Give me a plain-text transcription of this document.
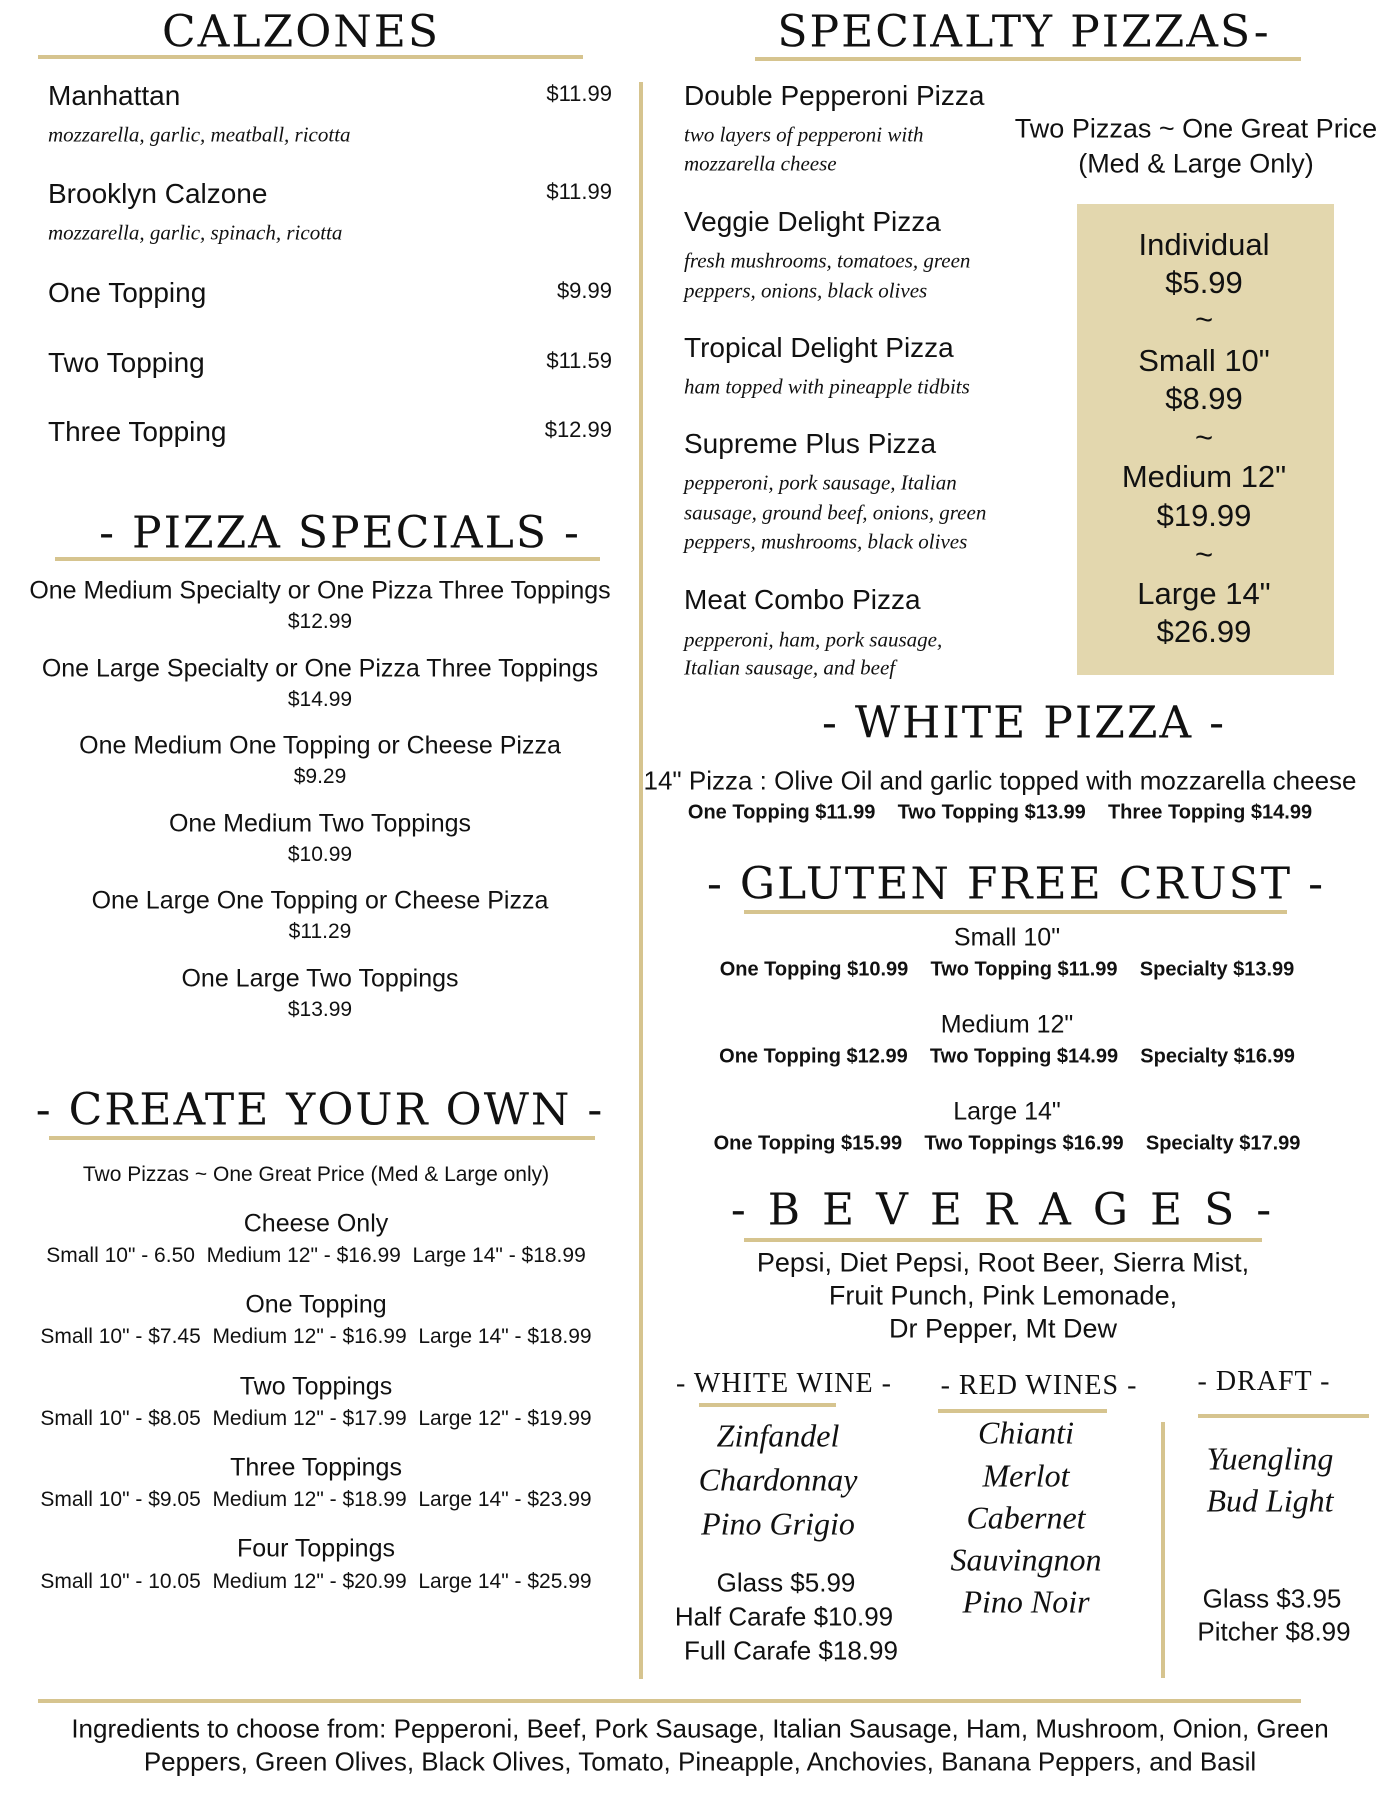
CALZONES
Manhattan	$11.99
mozzarella, garlic, meatball, ricotta
Brooklyn Calzone	$11.99
mozzarella, garlic, spinach, ricotta
One Topping	$9.99
Two Topping	$11.59
Three Topping	$12.99
- PIZZA SPECIALS -
One Medium Specialty or One Pizza Three Toppings
$12.99
One Large Specialty or One Pizza Three Toppings
$14.99
One Medium One Topping or Cheese Pizza
$9.29
One Medium Two Toppings
$10.99
One Large One Topping or Cheese Pizza
$11.29
One Large Two Toppings
$13.99
- CREATE YOUR OWN -
Two Pizzas ~ One Great Price (Med & Large only)
Cheese Only
Small 10" - 6.50  Medium 12" - $16.99  Large 14" - $18.99
One Topping
Small 10" - $7.45  Medium 12" - $16.99  Large 14" - $18.99
Two Toppings
Small 10" - $8.05  Medium 12" - $17.99  Large 12" - $19.99
Three Toppings
Small 10" - $9.05  Medium 12" - $18.99  Large 14" - $23.99
Four Toppings
Small 10" - 10.05  Medium 12" - $20.99  Large 14" - $25.99
SPECIALTY PIZZAS-
Double Pepperoni Pizza
two layers of pepperoni with
mozzarella cheese
Veggie Delight Pizza
fresh mushrooms, tomatoes, green
peppers, onions, black olives
Tropical Delight Pizza
ham topped with pineapple tidbits
Supreme Plus Pizza
pepperoni, pork sausage, Italian
sausage, ground beef, onions, green
peppers, mushrooms, black olives
Meat Combo Pizza
pepperoni, ham, pork sausage,
Italian sausage, and beef
Two Pizzas ~ One Great Price
(Med & Large Only)
Individual
$5.99
~
Small 10"
$8.99
~
Medium 12"
$19.99
~
Large 14"
$26.99
- WHITE PIZZA -
14" Pizza : Olive Oil and garlic topped with mozzarella cheese
One Topping $11.99    Two Topping $13.99    Three Topping $14.99
- GLUTEN FREE CRUST -
Small 10"
One Topping $10.99    Two Topping $11.99    Specialty $13.99
Medium 12"
One Topping $12.99    Two Topping $14.99    Specialty $16.99
Large 14"
One Topping $15.99    Two Toppings $16.99    Specialty $17.99
- B E V E R A G E S -
Pepsi, Diet Pepsi, Root Beer, Sierra Mist,
Fruit Punch, Pink Lemonade,
Dr Pepper, Mt Dew
- WHITE WINE -
Zinfandel
Chardonnay
Pino Grigio
Glass $5.99
Half Carafe $10.99
Full Carafe $18.99
- RED WINES -
Chianti
Merlot
Cabernet
Sauvingnon
Pino Noir
- DRAFT -
Yuengling
Bud Light
Glass $3.95
Pitcher $8.99
Ingredients to choose from: Pepperoni, Beef, Pork Sausage, Italian Sausage, Ham, Mushroom, Onion, Green
Peppers, Green Olives, Black Olives, Tomato, Pineapple, Anchovies, Banana Peppers, and Basil
